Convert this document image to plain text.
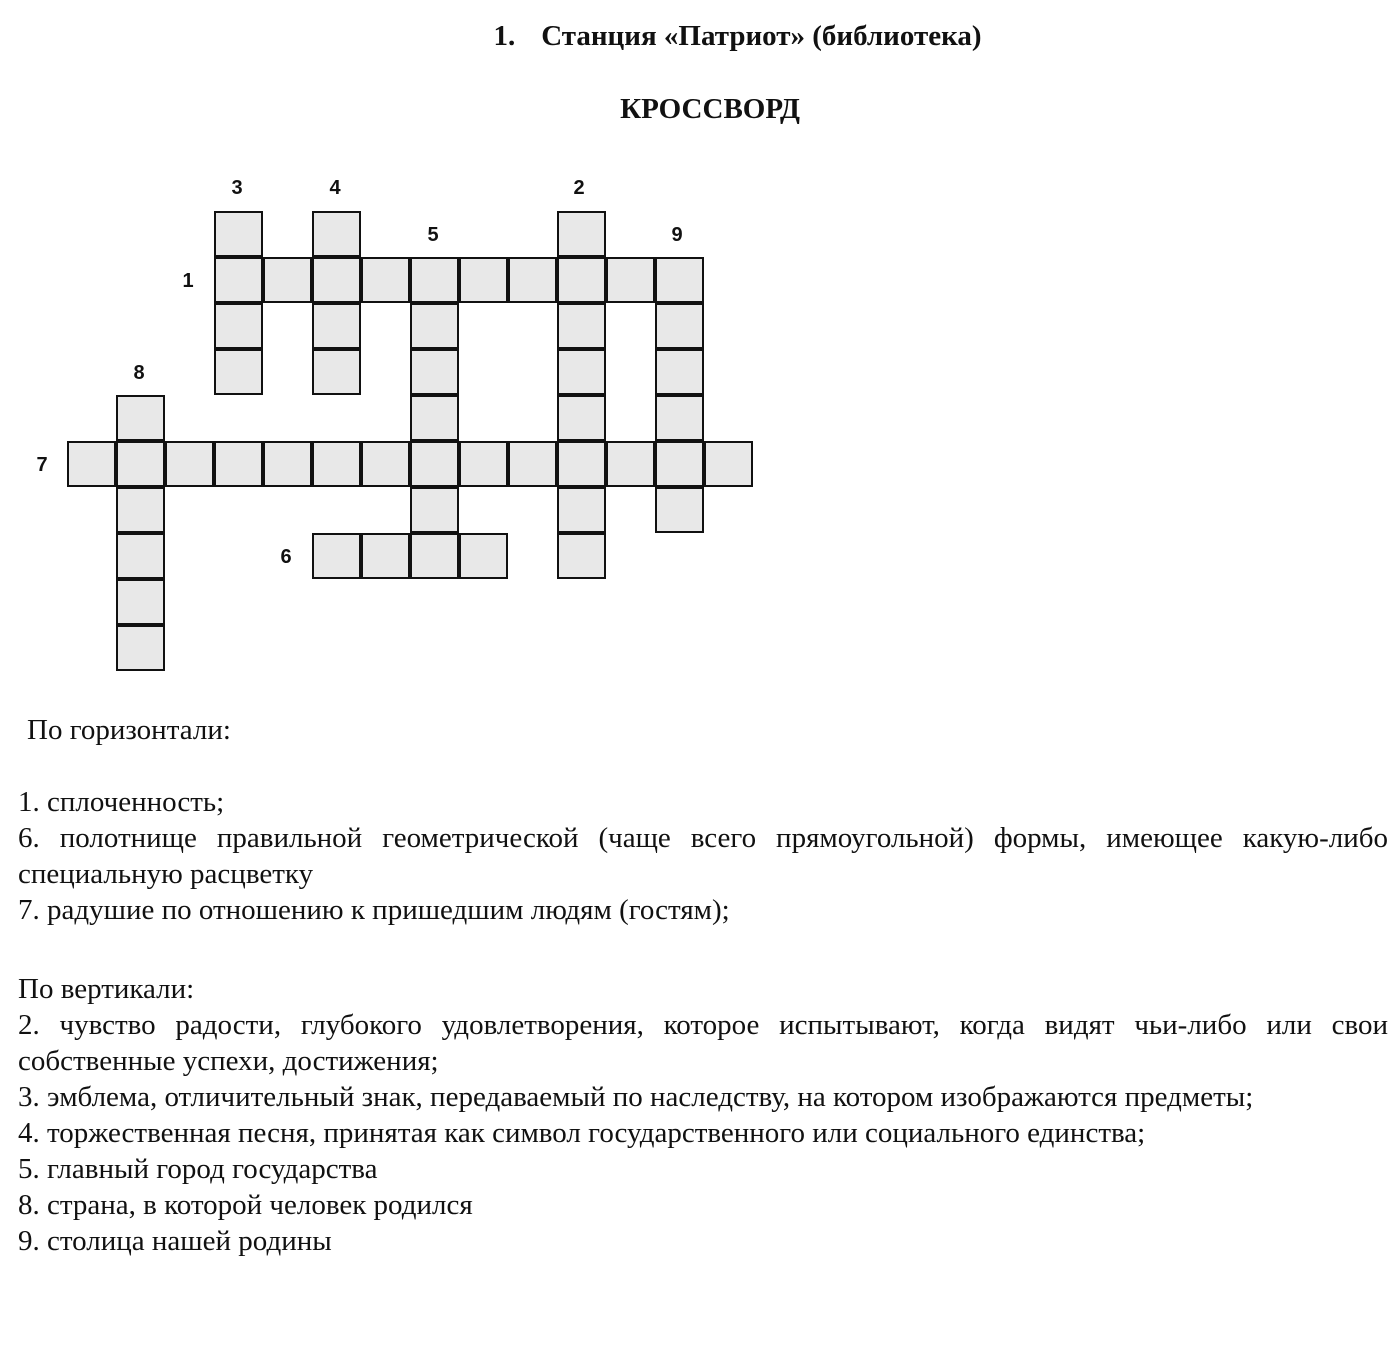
1. Станция «Патриот» (библиотека)
КРОССВОРД
1
2
3	4
5
6
7
8
9

По горизонтали:

1. сплоченность;

6. полотнище правильной геометрической (чаще всего прямоугольной) формы, имеющее какую-либо специальную расцветку

7. радушие по отношению к пришедшим людям (гостям);

По вертикали:

2. чувство радости, глубокого удовлетворения, которое испытывают, когда видят чьи-либо или свои собственные успехи, достижения;

3. эмблема, отличительный знак, передаваемый по наследству, на котором изображаются предметы;

4. торжественная песня, принятая как символ государственного или социального единства;

5. главный город государства

8. страна, в которой человек родился

9. столица нашей родины
